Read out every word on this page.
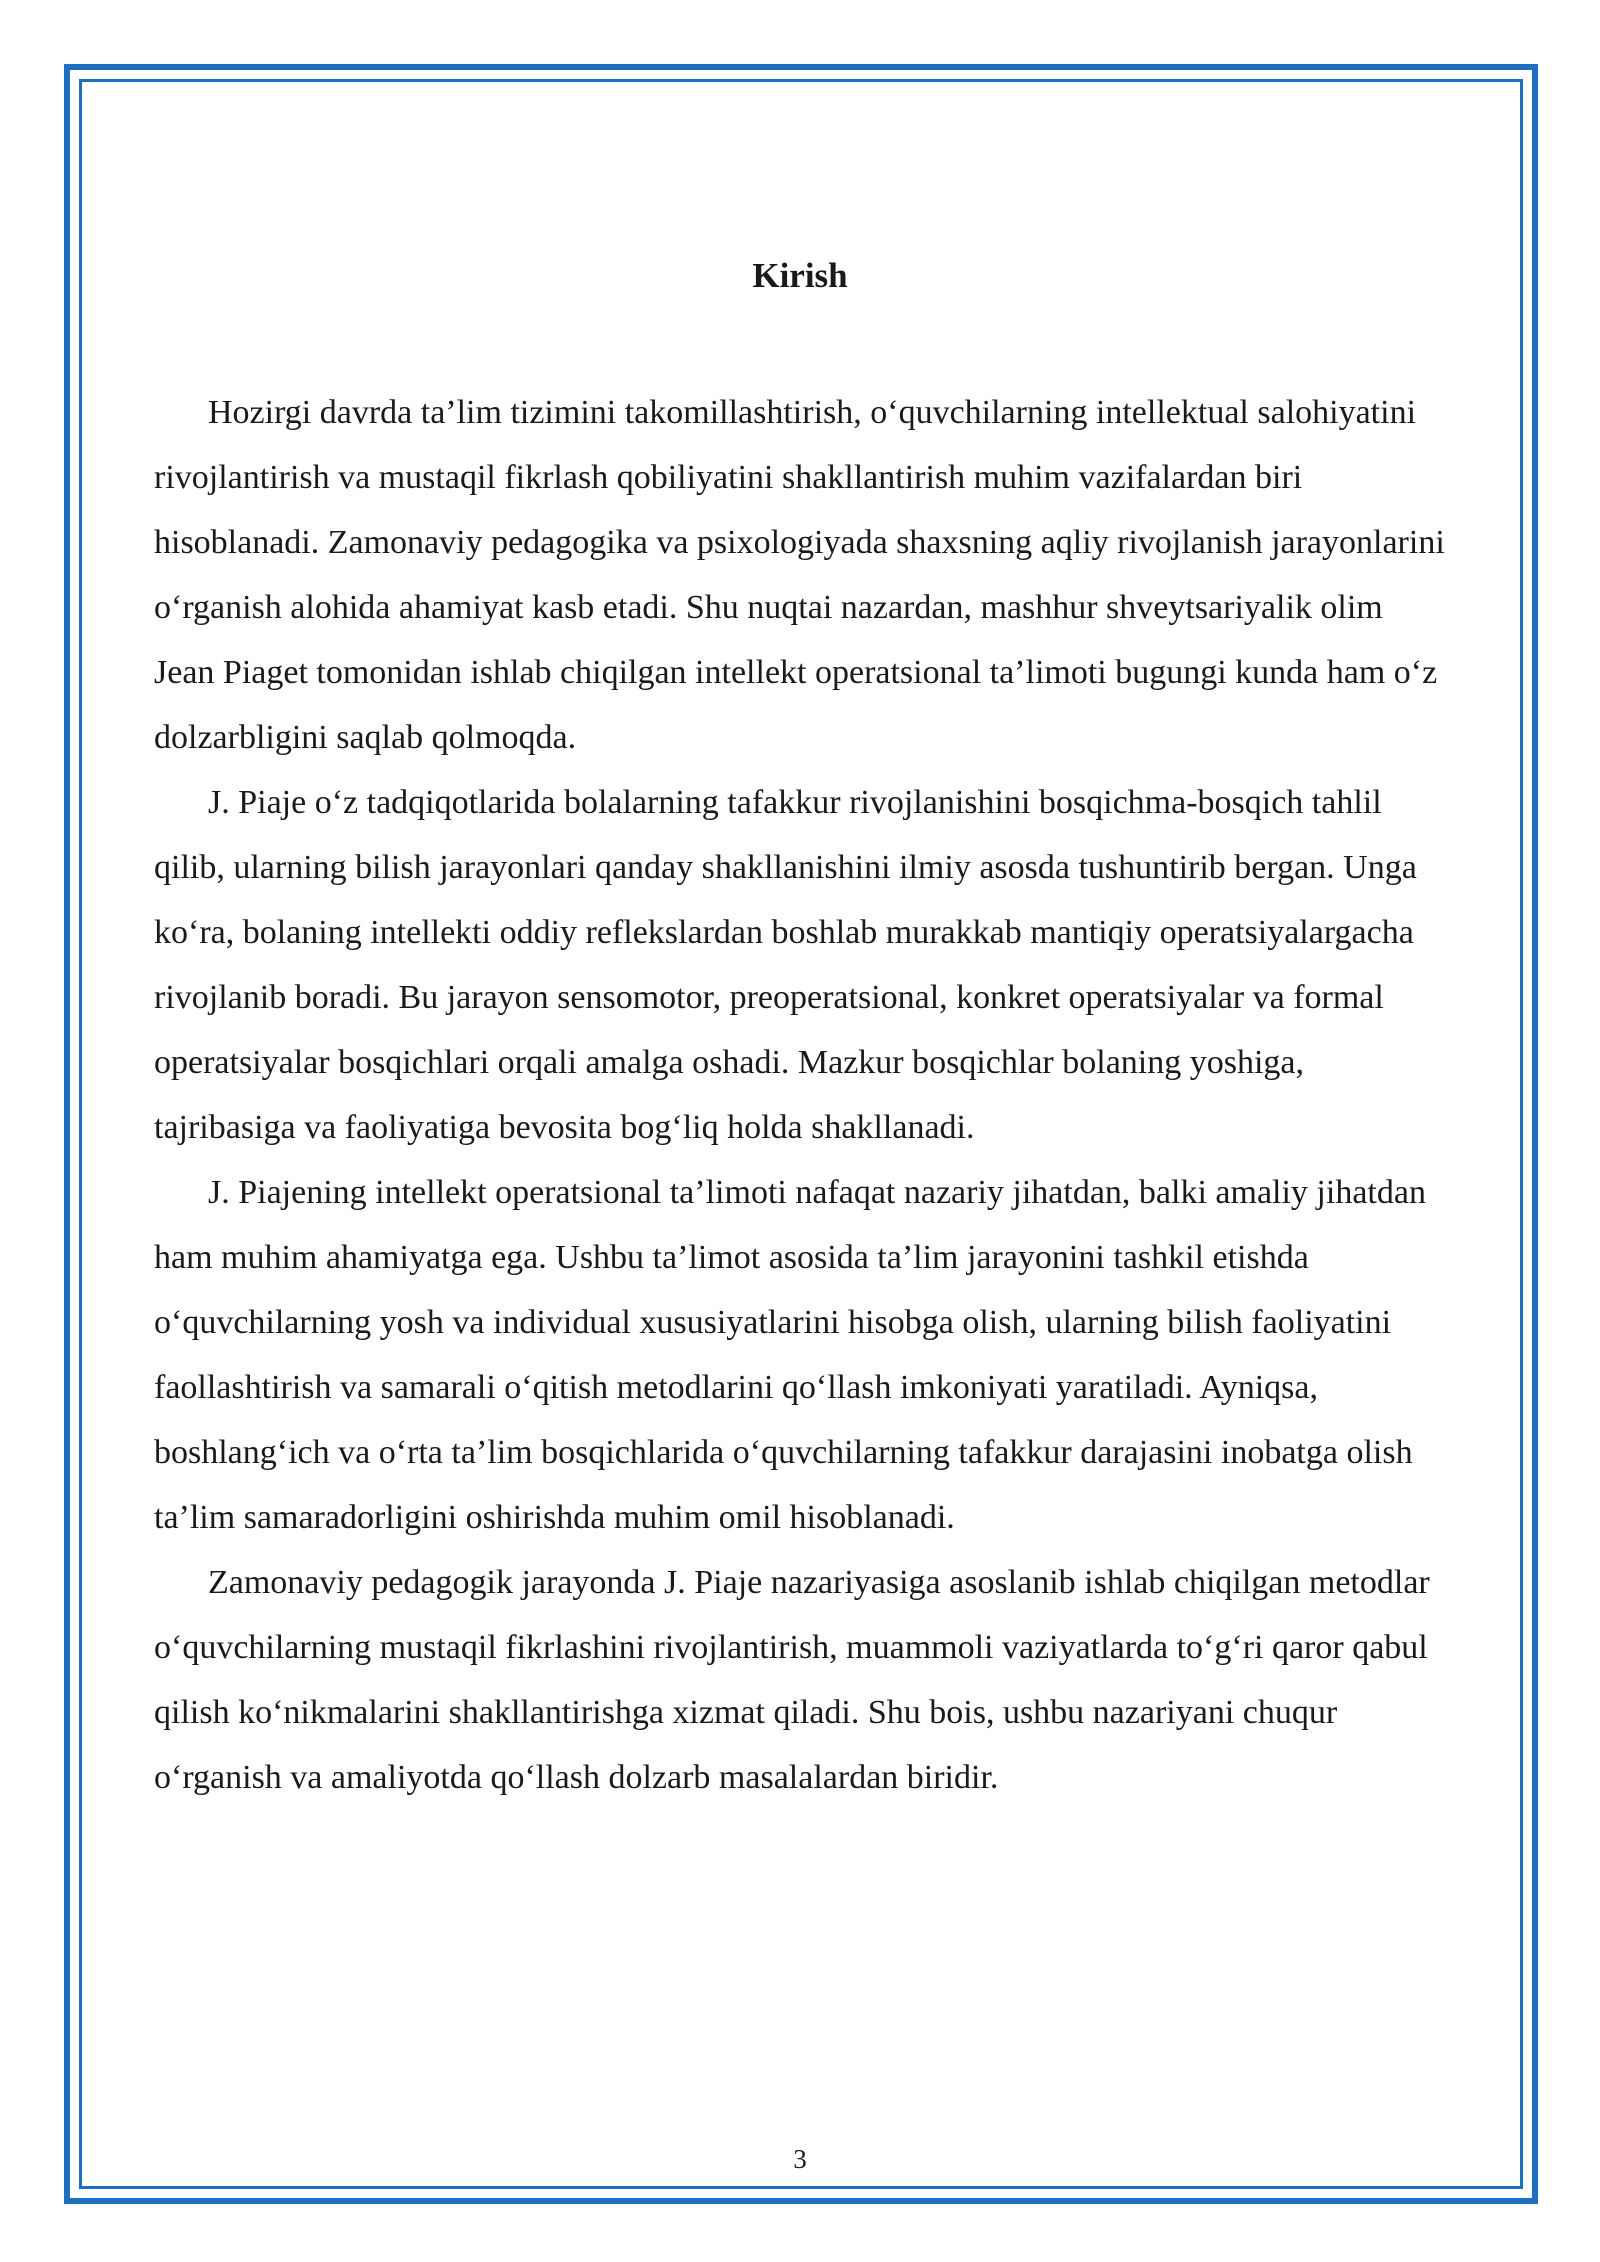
Kirish

Hozirgi davrda ta’lim tizimini takomillashtirish, o‘quvchilarning intellektual salohiyatini rivojlantirish va mustaqil fikrlash qobiliyatini shakllantirish muhim vazifalardan biri hisoblanadi. Zamonaviy pedagogika va psixologiyada shaxsning aqliy rivojlanish jarayonlarini o‘rganish alohida ahamiyat kasb etadi. Shu nuqtai nazardan, mashhur shveytsariyalik olim Jean Piaget tomonidan ishlab chiqilgan intellekt operatsional ta’limoti bugungi kunda ham o‘z dolzarbligini saqlab qolmoqda.

J. Piaje o‘z tadqiqotlarida bolalarning tafakkur rivojlanishini bosqichma-bosqich tahlil qilib, ularning bilish jarayonlari qanday shakllanishini ilmiy asosda tushuntirib bergan. Unga ko‘ra, bolaning intellekti oddiy reflekslardan boshlab murakkab mantiqiy operatsiyalargacha rivojlanib boradi. Bu jarayon sensomotor, preoperatsional, konkret operatsiyalar va formal operatsiyalar bosqichlari orqali amalga oshadi. Mazkur bosqichlar bolaning yoshiga, tajribasiga va faoliyatiga bevosita bog‘liq holda shakllanadi.

J. Piajening intellekt operatsional ta’limoti nafaqat nazariy jihatdan, balki amaliy jihatdan ham muhim ahamiyatga ega. Ushbu ta’limot asosida ta’lim jarayonini tashkil etishda o‘quvchilarning yosh va individual xususiyatlarini hisobga olish, ularning bilish faoliyatini faollashtirish va samarali o‘qitish metodlarini qo‘llash imkoniyati yaratiladi. Ayniqsa, boshlang‘ich va o‘rta ta’lim bosqichlarida o‘quvchilarning tafakkur darajasini inobatga olish ta’lim samaradorligini oshirishda muhim omil hisoblanadi.

Zamonaviy pedagogik jarayonda J. Piaje nazariyasiga asoslanib ishlab chiqilgan metodlar o‘quvchilarning mustaqil fikrlashini rivojlantirish, muammoli vaziyatlarda to‘g‘ri qaror qabul qilish ko‘nikmalarini shakllantirishga xizmat qiladi. Shu bois, ushbu nazariyani chuqur o‘rganish va amaliyotda qo‘llash dolzarb masalalardan biridir.

3
